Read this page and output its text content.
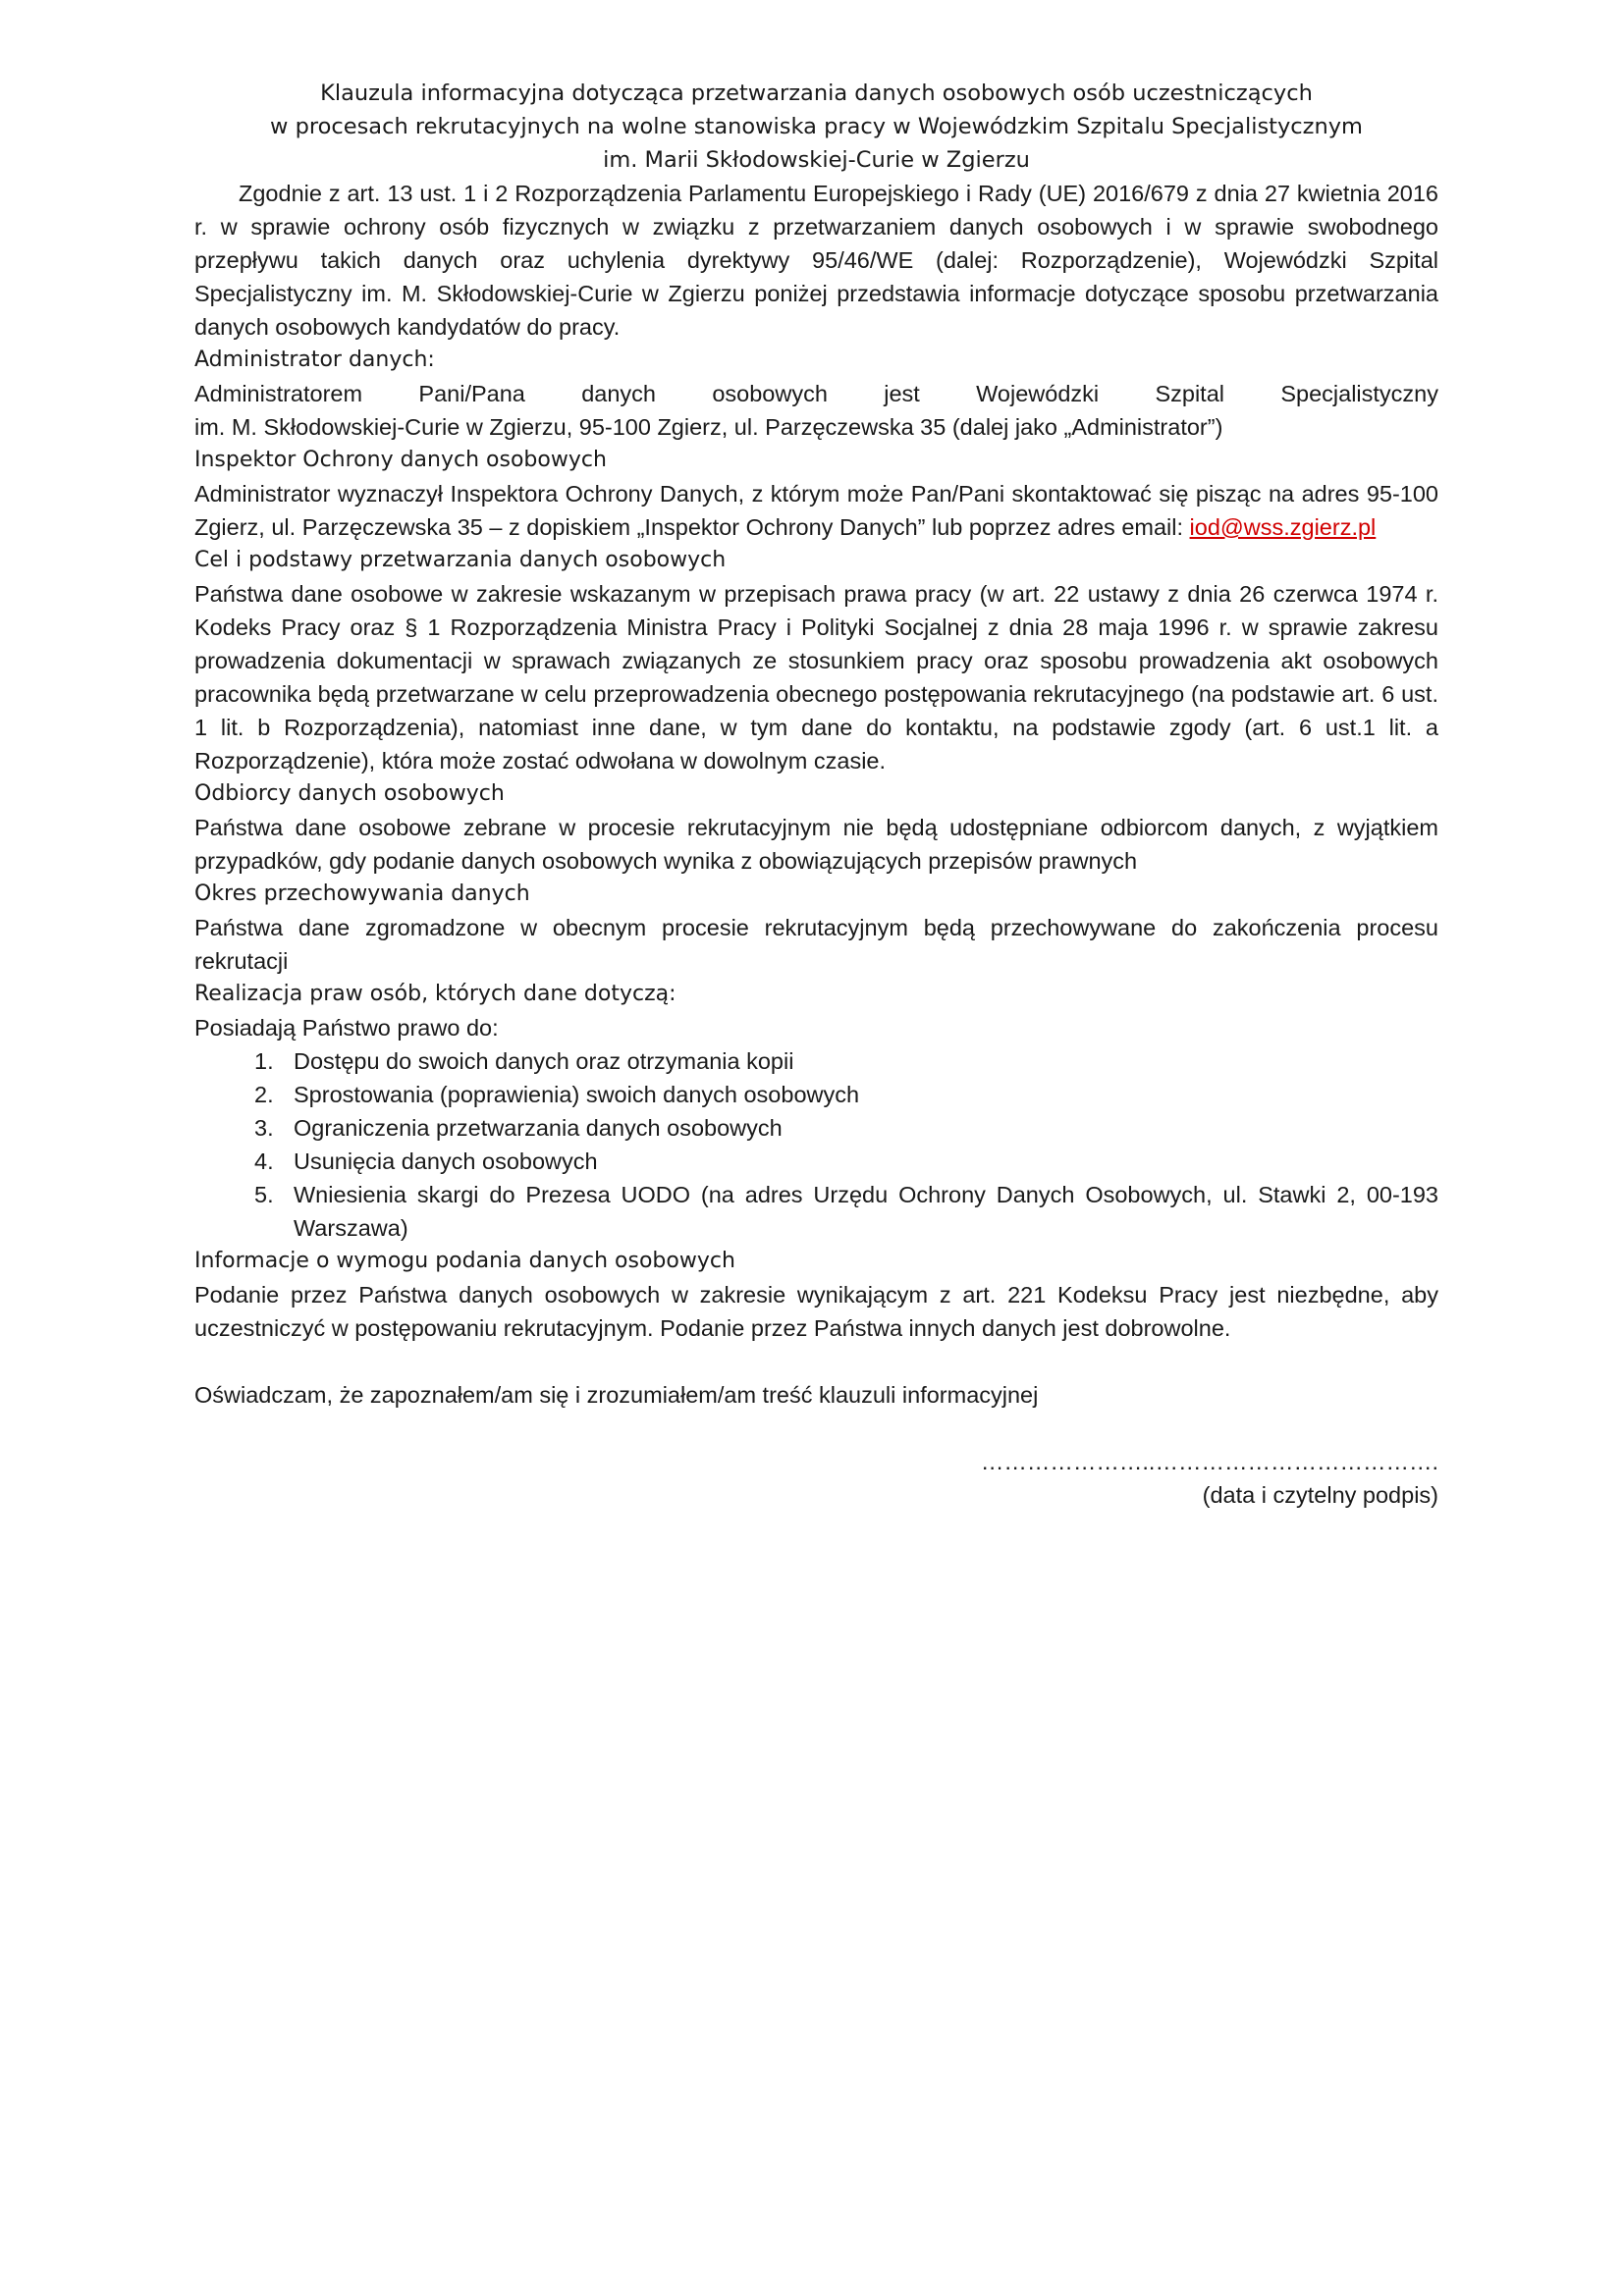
Klauzula informacyjna dotycząca przetwarzania danych osobowych osób uczestniczących
w procesach rekrutacyjnych na wolne stanowiska pracy w Wojewódzkim Szpitalu Specjalistycznym
im. Marii Skłodowskiej-Curie w Zgierzu

Zgodnie z art. 13 ust. 1 i 2 Rozporządzenia Parlamentu Europejskiego i Rady (UE) 2016/679 z dnia 27 kwietnia 2016 r. w sprawie ochrony osób fizycznych w związku z przetwarzaniem danych osobowych i w sprawie swobodnego przepływu takich danych oraz uchylenia dyrektywy 95/46/WE (dalej: Rozporządzenie), Wojewódzki Szpital Specjalistyczny im. M. Skłodowskiej-Curie w Zgierzu poniżej przedstawia informacje dotyczące sposobu przetwarzania danych osobowych kandydatów do pracy.

Administrator danych:

Administratorem Pani/Pana danych osobowych jest Wojewódzki Szpital Specjalistyczny

im. M. Skłodowskiej-Curie w Zgierzu, 95-100 Zgierz, ul. Parzęczewska 35 (dalej jako „Administrator”)

Inspektor Ochrony danych osobowych

Administrator wyznaczył Inspektora Ochrony Danych, z którym może Pan/Pani skontaktować się pisząc na adres 95-100 Zgierz, ul. Parzęczewska 35 – z dopiskiem „Inspektor Ochrony Danych” lub poprzez adres email: iod@wss.zgierz.pl

Cel i podstawy przetwarzania danych osobowych

Państwa dane osobowe w zakresie wskazanym w przepisach prawa pracy (w art. 22 ustawy z dnia 26 czerwca 1974 r. Kodeks Pracy oraz § 1 Rozporządzenia Ministra Pracy i Polityki Socjalnej z dnia 28 maja 1996 r. w sprawie zakresu prowadzenia dokumentacji w sprawach związanych ze stosunkiem pracy oraz sposobu prowadzenia akt osobowych pracownika będą przetwarzane w celu przeprowadzenia obecnego postępowania rekrutacyjnego (na podstawie art. 6 ust. 1 lit. b Rozporządzenia), natomiast inne dane, w tym dane do kontaktu, na podstawie zgody (art. 6 ust.1 lit. a Rozporządzenie), która może zostać odwołana w dowolnym czasie.

Odbiorcy danych osobowych

Państwa dane osobowe zebrane w procesie rekrutacyjnym nie będą udostępniane odbiorcom danych, z wyjątkiem przypadków, gdy podanie danych osobowych wynika z obowiązujących przepisów prawnych

Okres przechowywania danych

Państwa dane zgromadzone w obecnym procesie rekrutacyjnym będą przechowywane do zakończenia procesu rekrutacji

Realizacja praw osób, których dane dotyczą:

Posiadają Państwo prawo do:

1. Dostępu do swoich danych oraz otrzymania kopii
2. Sprostowania (poprawienia) swoich danych osobowych
3. Ograniczenia przetwarzania danych osobowych
4. Usunięcia danych osobowych
5. Wniesienia skargi do Prezesa UODO (na adres Urzędu Ochrony Danych Osobowych, ul. Stawki 2, 00-193 Warszawa)

Informacje o wymogu podania danych osobowych

Podanie przez Państwa danych osobowych w zakresie wynikającym z art. 221 Kodeksu Pracy jest niezbędne, aby uczestniczyć w postępowaniu rekrutacyjnym. Podanie przez Państwa innych danych jest dobrowolne.

Oświadczam, że zapoznałem/am się i zrozumiałem/am treść klauzuli informacyjnej

…………………..……………………………….

(data i czytelny podpis)
